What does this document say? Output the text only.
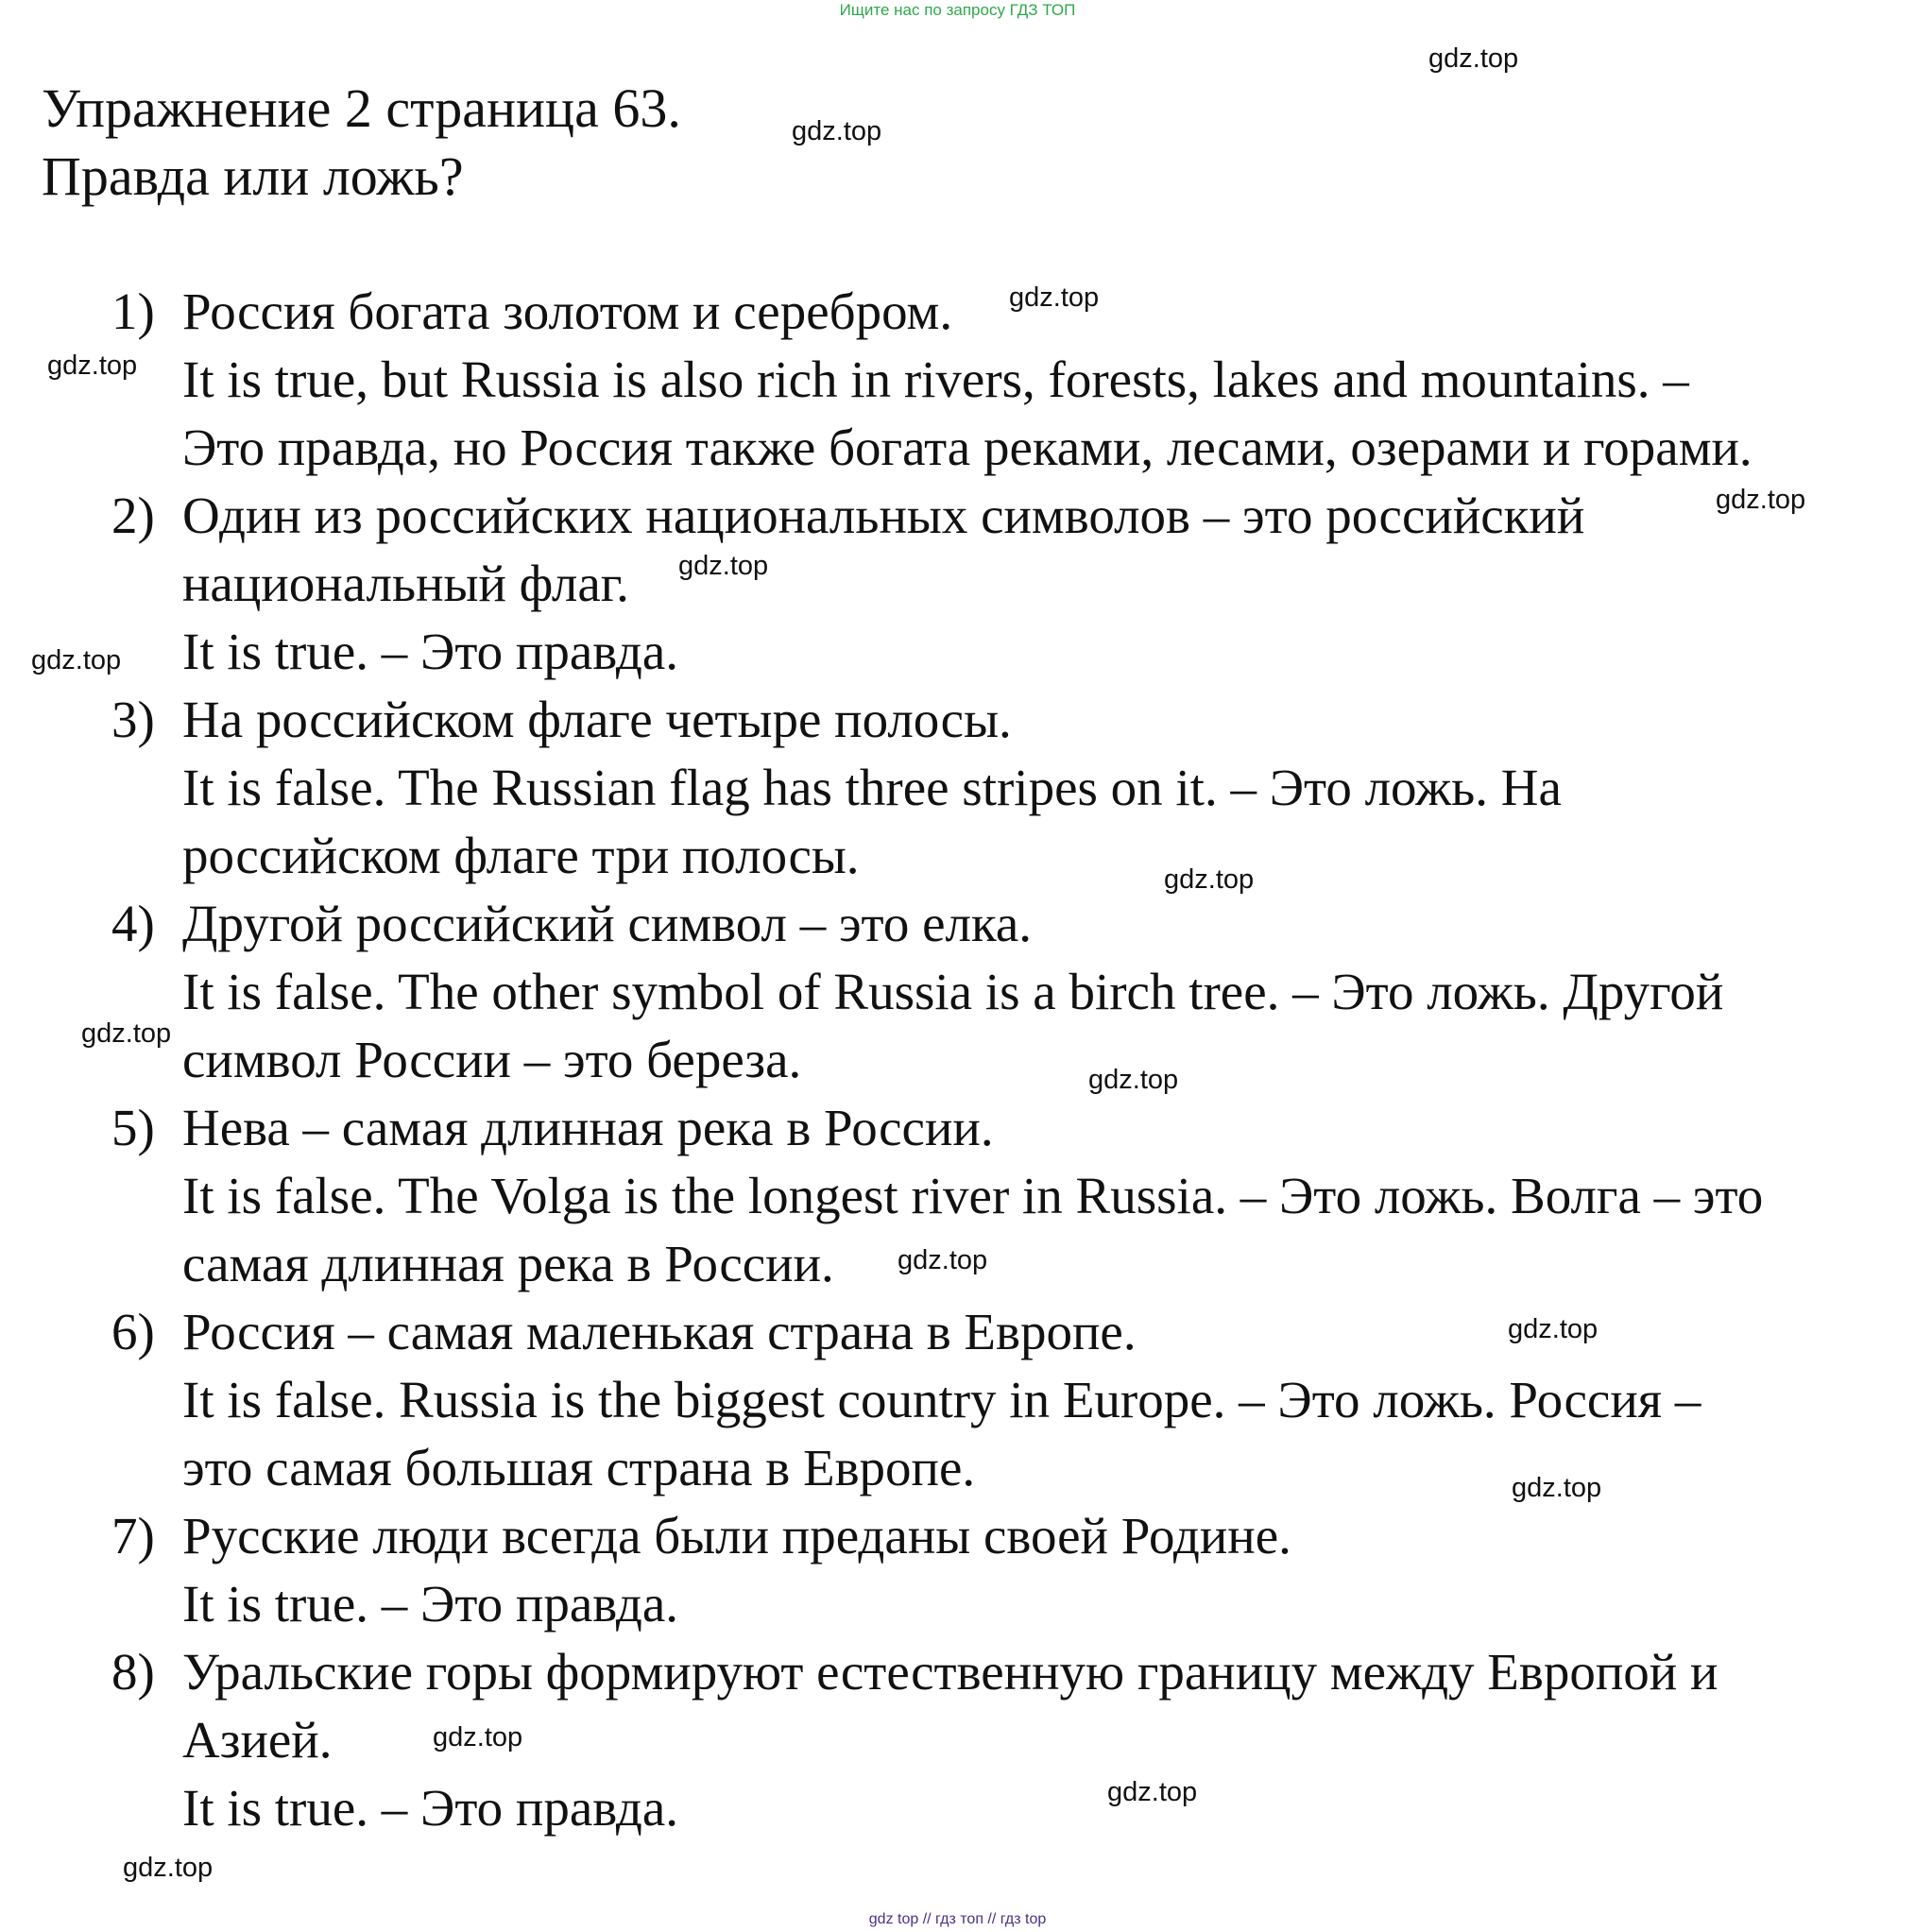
Ищите нас по запросу ГДЗ ТОП
Упражнение 2 страница 63.
Правда или ложь?
1) Россия богата золотом и серебром.
It is true, but Russia is also rich in rivers, forests, lakes and mountains. –
Это правда, но Россия также богата реками, лесами, озерами и горами.
2) Один из российских национальных символов – это российский
национальный флаг.
It is true. – Это правда.
3) На российском флаге четыре полосы.
It is false. The Russian flag has three stripes on it. – Это ложь. На
российском флаге три полосы.
4) Другой российский символ – это елка.
It is false. The other symbol of Russia is a birch tree. – Это ложь. Другой
символ России – это береза.
5) Нева – самая длинная река в России.
It is false. The Volga is the longest river in Russia. – Это ложь. Волга – это
самая длинная река в России.
6) Россия – самая маленькая страна в Европе.
It is false. Russia is the biggest country in Europe. – Это ложь. Россия –
это самая большая страна в Европе.
7) Русские люди всегда были преданы своей Родине.
It is true. – Это правда.
8) Уральские горы формируют естественную границу между Европой и
Азией.
It is true. – Это правда.
gdz.top
gdz.top
gdz.top
gdz.top
gdz.top
gdz.top
gdz.top
gdz.top
gdz.top
gdz.top
gdz.top
gdz.top
gdz.top
gdz.top
gdz.top
gdz.top
gdz top // гдз топ // гдз top
